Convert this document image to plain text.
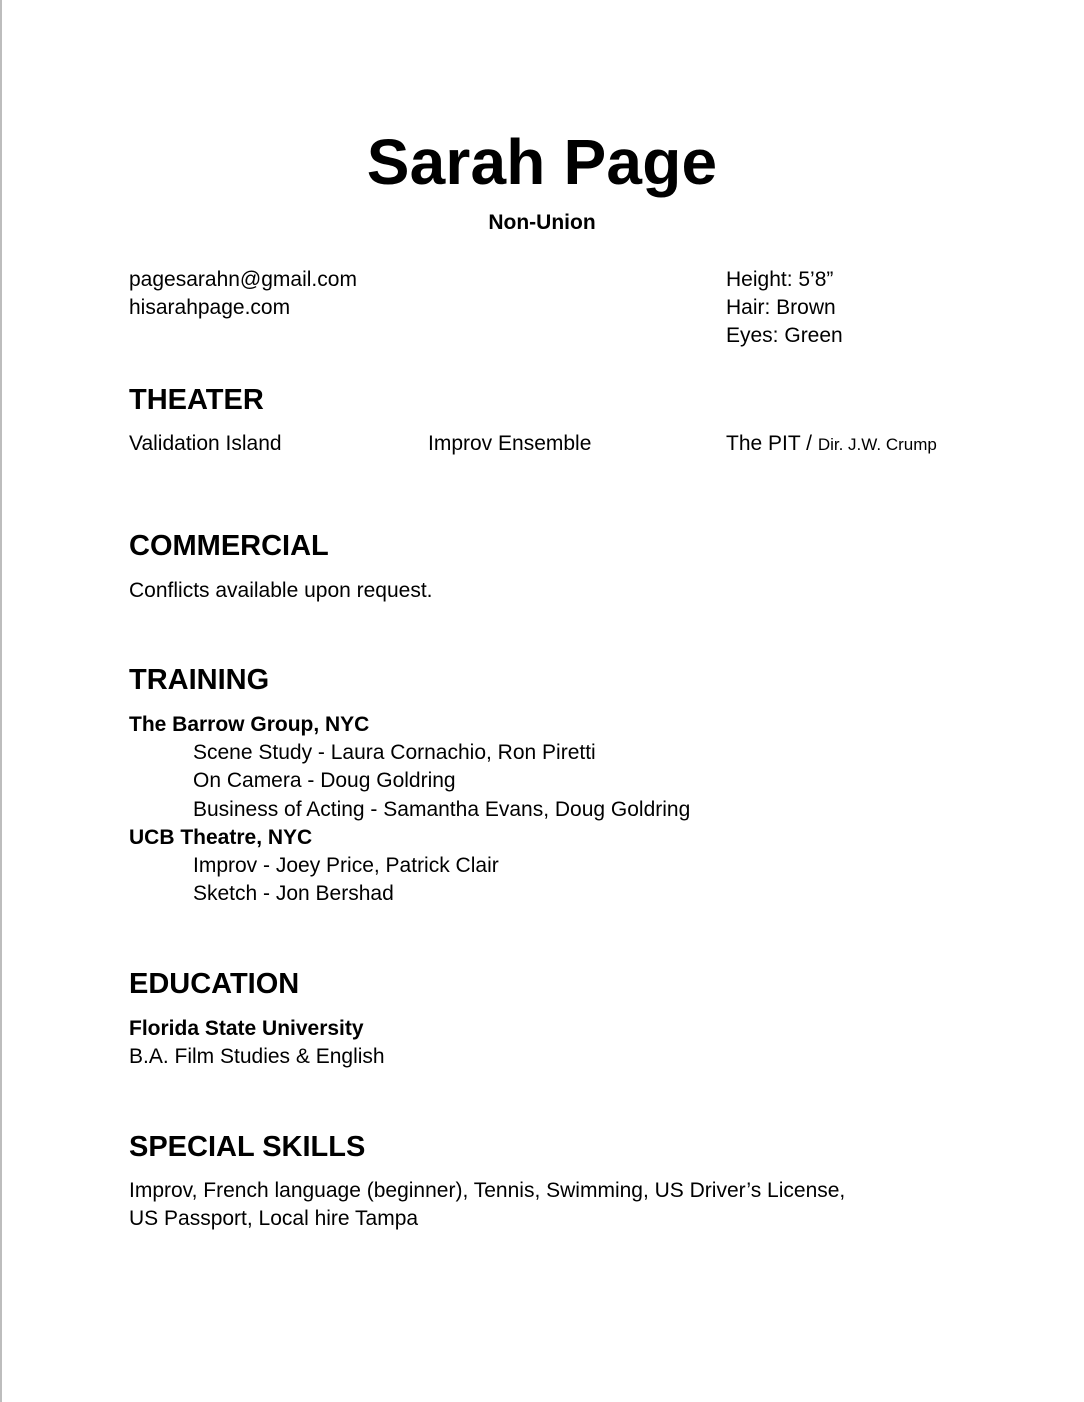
Sarah Page
Non-Union
pagesarahn@gmail.com
hisarahpage.com
Height: 5’8”
Hair: Brown
Eyes: Green
THEATER
Validation Island	Improv Ensemble	The PIT / Dir. J.W. Crump
COMMERCIAL
Conflicts available upon request.
TRAINING
The Barrow Group, NYC
Scene Study - Laura Cornachio, Ron Piretti
On Camera - Doug Goldring
Business of Acting - Samantha Evans, Doug Goldring
UCB Theatre, NYC
Improv - Joey Price, Patrick Clair
Sketch - Jon Bershad
EDUCATION
Florida State University
B.A. Film Studies & English
SPECIAL SKILLS
Improv, French language (beginner), Tennis, Swimming, US Driver’s License,
US Passport, Local hire Tampa
